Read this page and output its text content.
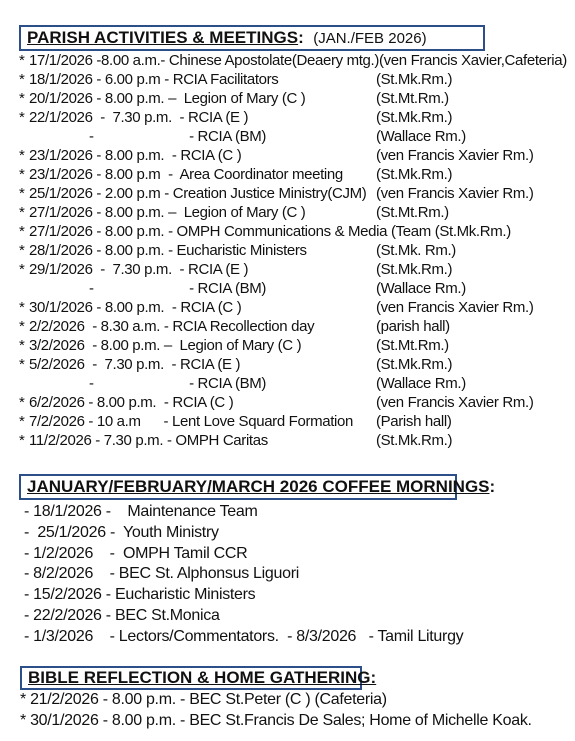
PARISH ACTIVITIES & MEETINGS: (JAN./FEB 2026)
* 17/1/2026 -8.00 a.m.- Chinese Apostolate(Deaery mtg.)(ven Francis Xavier,Cafeteria)
* 18/1/2026 - 6.00 p.m - RCIA Facilitators	(St.Mk.Rm.)
* 20/1/2026 - 8.00 p.m. –  Legion of Mary (C )	(St.Mt.Rm.)
* 22/1/2026  -  7.30 p.m.  - RCIA (E )	(St.Mk.Rm.)
-                         - RCIA (BM)	(Wallace Rm.)
* 23/1/2026 - 8.00 p.m.  - RCIA (C )	(ven Francis Xavier Rm.)
* 23/1/2026 - 8.00 p.m  -  Area Coordinator meeting (St.Mk.Rm.)
* 25/1/2026 - 2.00 p.m - Creation Justice Ministry(CJM) (ven Francis Xavier Rm.)
* 27/1/2026 - 8.00 p.m. –  Legion of Mary (C )	(St.Mt.Rm.)
* 27/1/2026 - 8.00 p.m. - OMPH Communications & Media (Team (St.Mk.Rm.)
* 28/1/2026 - 8.00 p.m. - Eucharistic Ministers	(St.Mk. Rm.)
* 29/1/2026  -  7.30 p.m.  - RCIA (E )	(St.Mk.Rm.)
-                         - RCIA (BM)	(Wallace Rm.)
* 30/1/2026 - 8.00 p.m.  - RCIA (C )	(ven Francis Xavier Rm.)
* 2/2/2026  - 8.30 a.m. - RCIA Recollection day	(parish hall)
* 3/2/2026  - 8.00 p.m. –  Legion of Mary (C )	(St.Mt.Rm.)
* 5/2/2026  -  7.30 p.m.  - RCIA (E )	(St.Mk.Rm.)
-                         - RCIA (BM)	(Wallace Rm.)
* 6/2/2026 - 8.00 p.m.  - RCIA (C )	(ven Francis Xavier Rm.)
* 7/2/2026 - 10 a.m      - Lent Love Squard Formation (Parish hall)
* 11/2/2026 - 7.30 p.m. - OMPH Caritas	(St.Mk.Rm.)
JANUARY/FEBRUARY/MARCH 2026 COFFEE MORNINGS:
- 18/1/2026 -    Maintenance Team
-  25/1/2026 -  Youth Ministry
- 1/2/2026    -  OMPH Tamil CCR
- 8/2/2026    - BEC St. Alphonsus Liguori
- 15/2/2026 - Eucharistic Ministers
- 22/2/2026 - BEC St.Monica
- 1/3/2026    - Lectors/Commentators.  - 8/3/2026   - Tamil Liturgy
BIBLE REFLECTION & HOME GATHERING:
* 21/2/2026 - 8.00 p.m. - BEC St.Peter (C ) (Cafeteria)
* 30/1/2026 - 8.00 p.m. - BEC St.Francis De Sales; Home of Michelle Koak.
